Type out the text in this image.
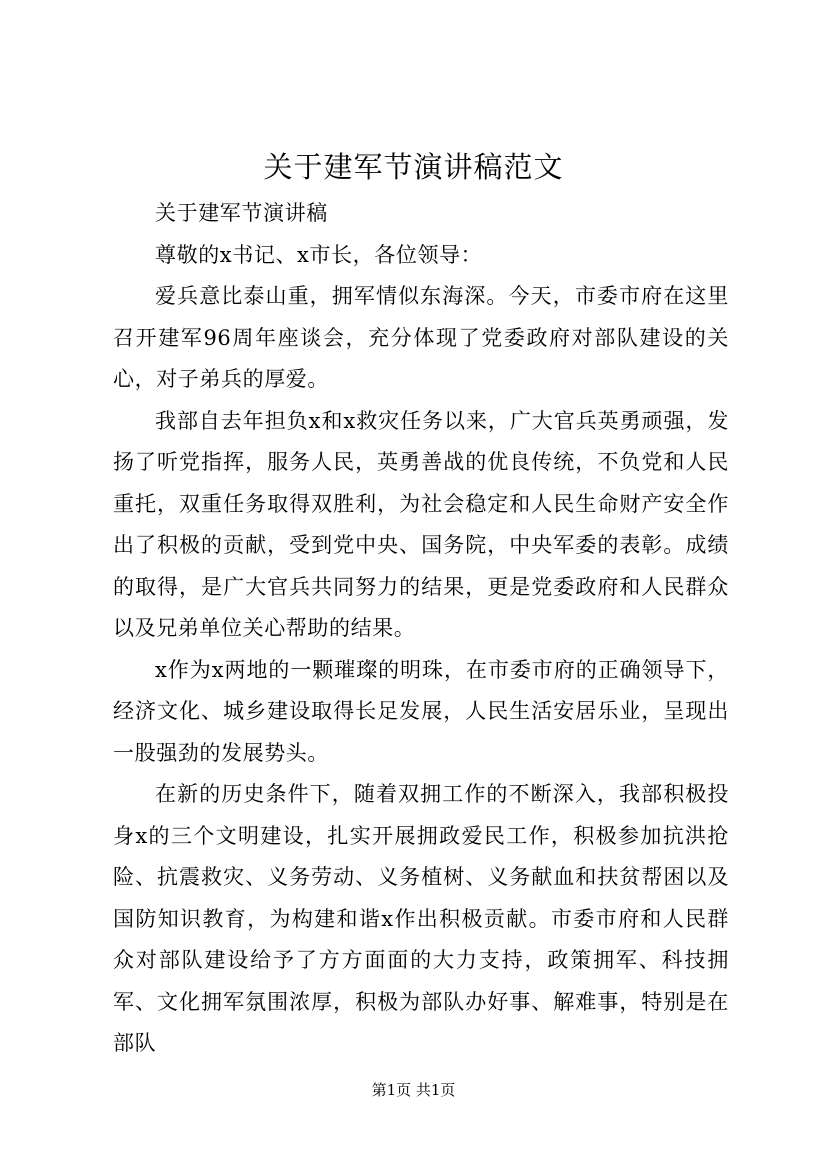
关于建军节演讲稿范文

关于建军节演讲稿

尊敬的x书记、x市长，各位领导：

爱兵意比泰山重，拥军情似东海深。今天，市委市府在这里召开建军96周年座谈会，充分体现了党委政府对部队建设的关心，对子弟兵的厚爱。

我部自去年担负x和x救灾任务以来，广大官兵英勇顽强，发扬了听党指挥，服务人民，英勇善战的优良传统，不负党和人民重托，双重任务取得双胜利，为社会稳定和人民生命财产安全作出了积极的贡献，受到党中央、国务院，中央军委的表彰。成绩的取得，是广大官兵共同努力的结果，更是党委政府和人民群众以及兄弟单位关心帮助的结果。

x作为x两地的一颗璀璨的明珠，在市委市府的正确领导下，经济文化、城乡建设取得长足发展，人民生活安居乐业，呈现出一股强劲的发展势头。

在新的历史条件下，随着双拥工作的不断深入，我部积极投身x的三个文明建设，扎实开展拥政爱民工作，积极参加抗洪抢险、抗震救灾、义务劳动、义务植树、义务献血和扶贫帮困以及国防知识教育，为构建和谐x作出积极贡献。市委市府和人民群众对部队建设给予了方方面面的大力支持，政策拥军、科技拥军、文化拥军氛围浓厚，积极为部队办好事、解难事，特别是在部队

第1页 共1页
